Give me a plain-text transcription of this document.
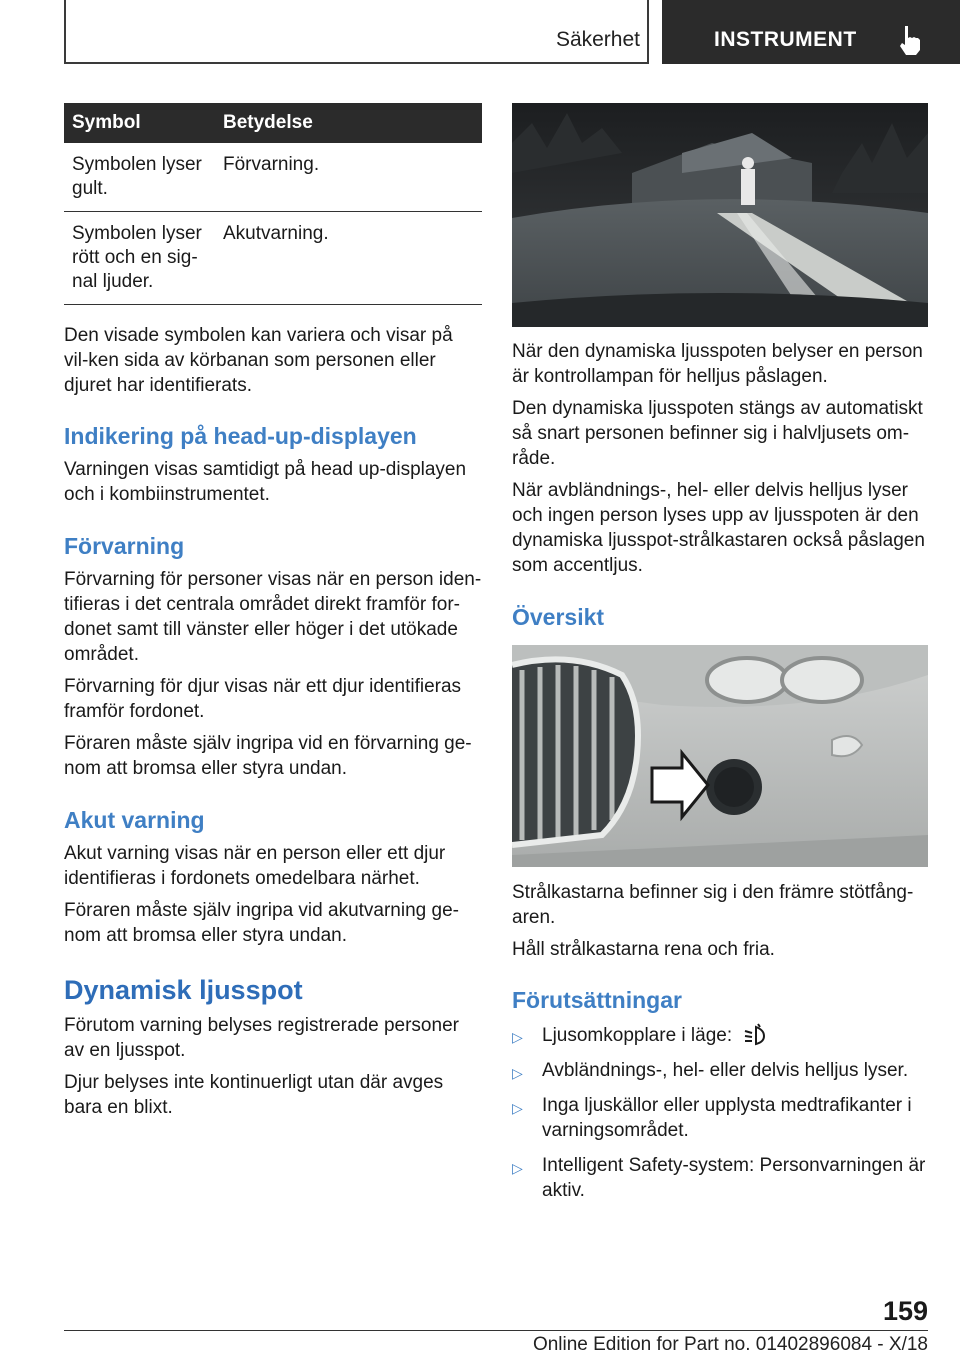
Säkerhet	INSTRUMENT
Symbol	Betydelse
Symbolen lyser gult.	Förvarning.
Symbolen lyser rött och en sig-nal ljuder.	Akutvarning.

Den visade symbolen kan variera och visar på vil-ken sida av körbanan som personen eller djuret har identifierats.

Indikering på head-up-displayen

Varningen visas samtidigt på head up-displayen och i kombiinstrumentet.

Förvarning

Förvarning för personer visas när en person iden-tifieras i det centrala området direkt framför for-donet samt till vänster eller höger i det utökade området.

Förvarning för djur visas när ett djur identifieras framför fordonet.

Föraren måste själv ingripa vid en förvarning ge-nom att bromsa eller styra undan.

Akut varning

Akut varning visas när en person eller ett djur identifieras i fordonets omedelbara närhet.

Föraren måste själv ingripa vid akutvarning ge-nom att bromsa eller styra undan.

Dynamisk ljusspot

Förutom varning belyses registrerade personer av en ljusspot.

Djur belyses inte kontinuerligt utan där avges bara en blixt.

När den dynamiska ljusspoten belyser en person är kontrollampan för helljus påslagen.

Den dynamiska ljusspoten stängs av automatiskt så snart personen befinner sig i halvljusets om-råde.

När avbländnings-, hel- eller delvis helljus lyser och ingen person lyses upp av ljusspoten är den dynamiska ljusspot-strålkastaren också påslagen som accentljus.

Översikt

Strålkastarna befinner sig i den främre stötfång-aren.

Håll strålkastarna rena och fria.

Förutsättningar
▷ Ljusomkopplare i läge:
▷ Avbländnings-, hel- eller delvis helljus lyser.
▷ Inga ljuskällor eller upplysta medtrafikanter i varningsområdet.
▷ Intelligent Safety-system: Personvarningen är aktiv.
159
Online Edition for Part no. 01402896084 - X/18
